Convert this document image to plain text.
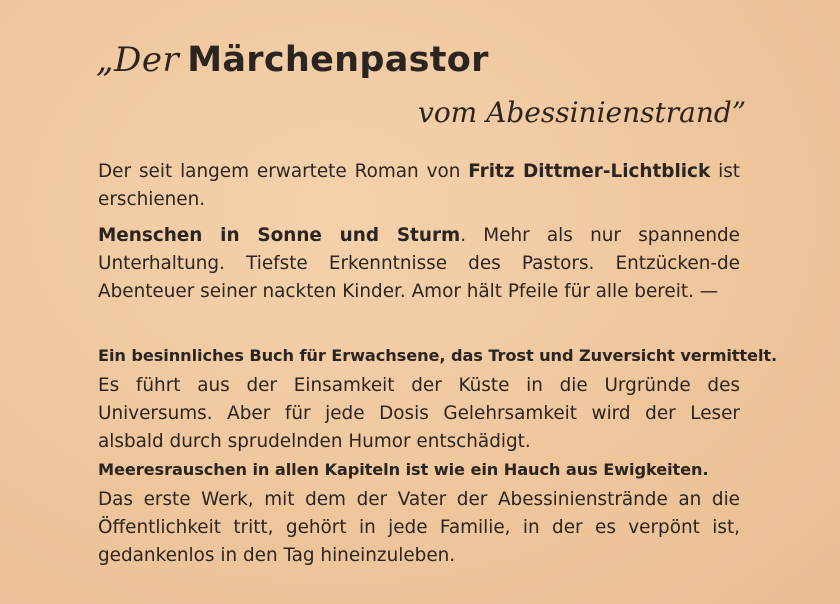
„Der Märchenpastor
vom Abessinienstrand”

Der seit langem erwartete Roman von Fritz Dittmer-Lichtblick ist erschienen.

Menschen in Sonne und Sturm. Mehr als nur spannende Unterhaltung. Tiefste Erkenntnisse des Pastors. Entzücken-de Abenteuer seiner nackten Kinder. Amor hält Pfeile für alle bereit. —

Ein besinnliches Buch für Erwachsene, das Trost und Zuversicht vermittelt.

Es führt aus der Einsamkeit der Küste in die Urgründe des Universums. Aber für jede Dosis Gelehrsamkeit wird der Leser alsbald durch sprudelnden Humor entschädigt.

Meeresrauschen in allen Kapiteln ist wie ein Hauch aus Ewigkeiten.

Das erste Werk, mit dem der Vater der Abessinienstrände an die Öffentlichkeit tritt, gehört in jede Familie, in der es verpönt ist, gedankenlos in den Tag hineinzuleben.
